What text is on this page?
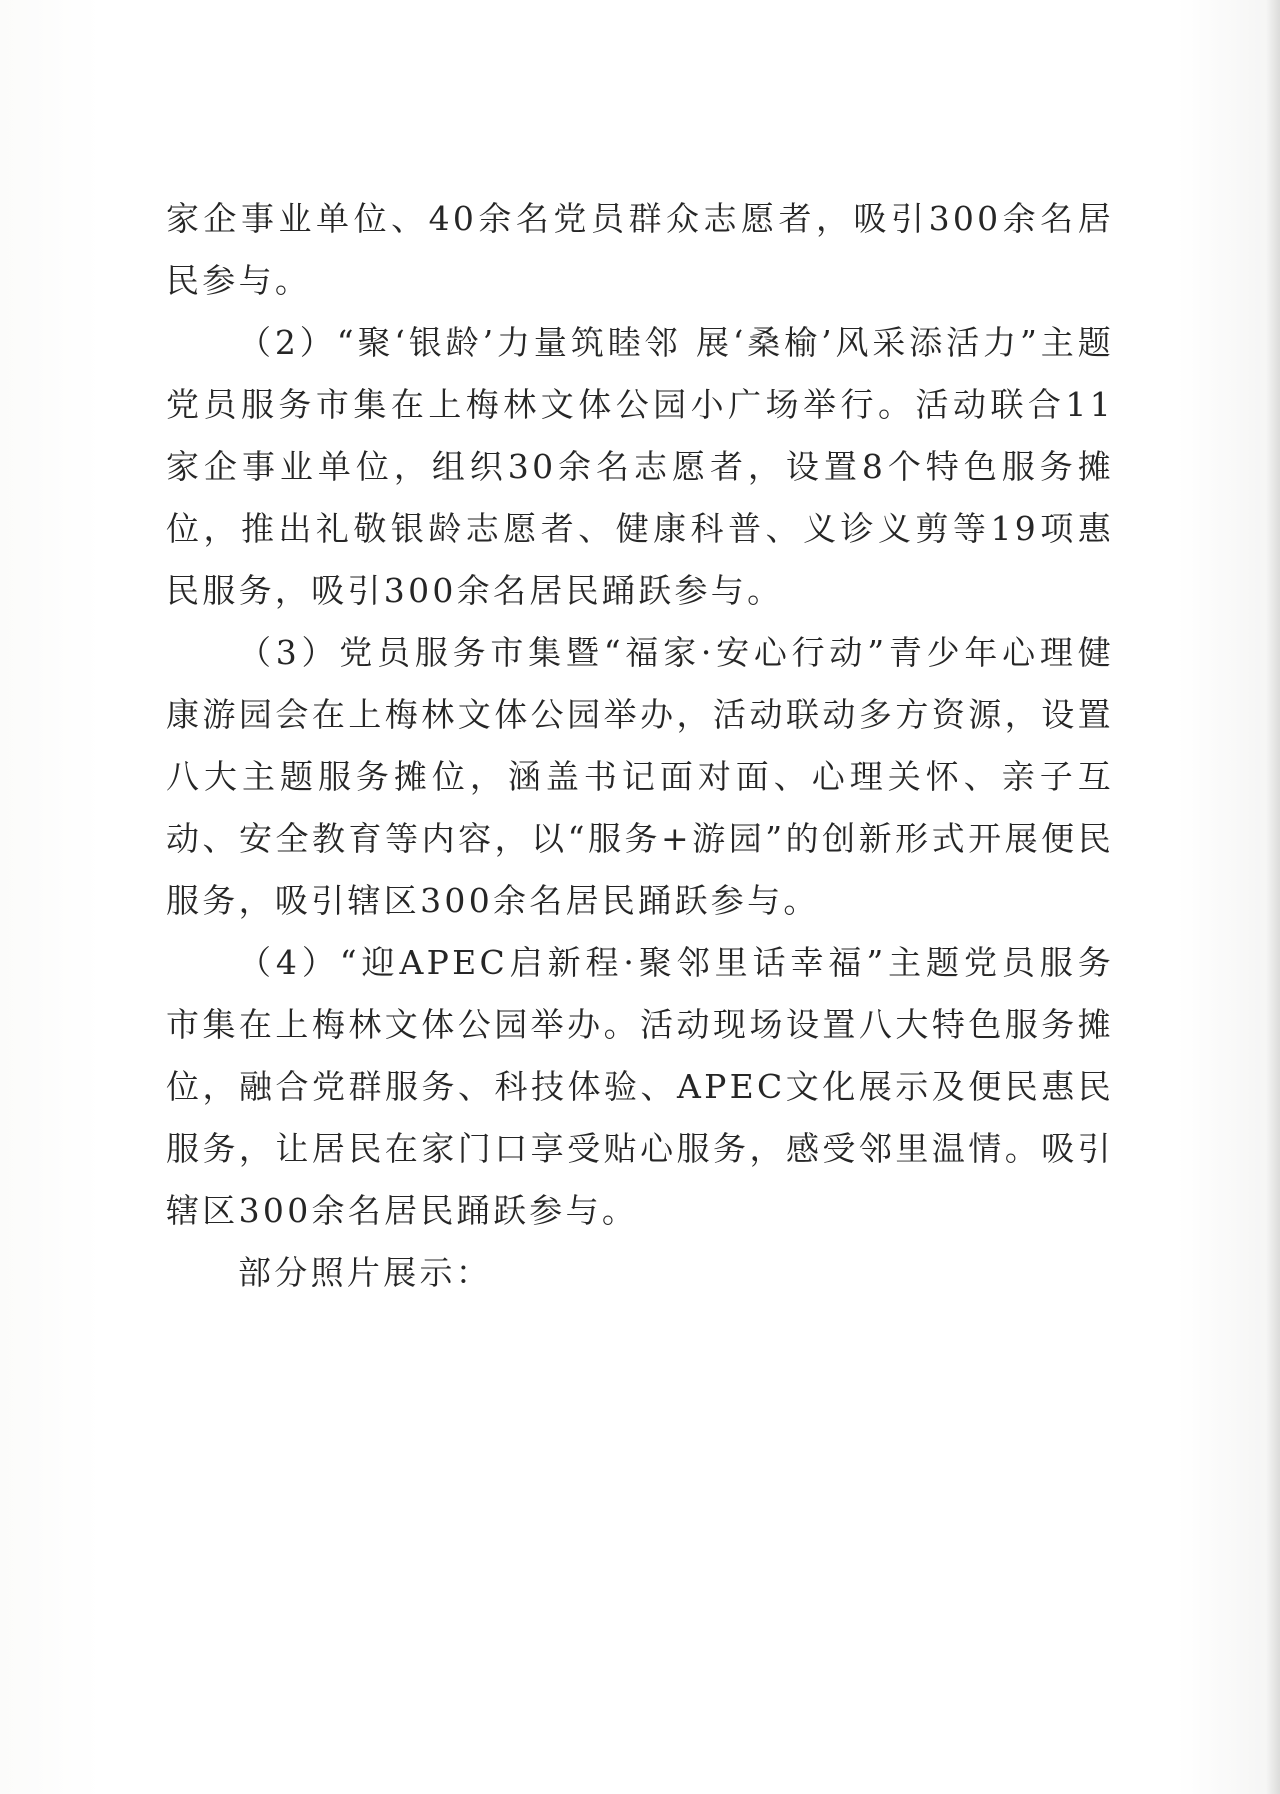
家企事业单位、40余名党员群众志愿者，吸引300余名居民参与。

（2）“聚‘银龄’力量筑睦邻 展‘桑榆’风采添活力”主题党员服务市集在上梅林文体公园小广场举行。活动联合11家企事业单位，组织30余名志愿者，设置8个特色服务摊位，推出礼敬银龄志愿者、健康科普、义诊义剪等19项惠民服务，吸引300余名居民踊跃参与。

（3）党员服务市集暨“福家·安心行动”青少年心理健康游园会在上梅林文体公园举办，活动联动多方资源，设置八大主题服务摊位，涵盖书记面对面、心理关怀、亲子互动、安全教育等内容，以“服务+游园”的创新形式开展便民服务，吸引辖区300余名居民踊跃参与。

（4）“迎APEC启新程·聚邻里话幸福”主题党员服务市集在上梅林文体公园举办。活动现场设置八大特色服务摊位，融合党群服务、科技体验、APEC文化展示及便民惠民服务，让居民在家门口享受贴心服务，感受邻里温情。吸引辖区300余名居民踊跃参与。

部分照片展示：
